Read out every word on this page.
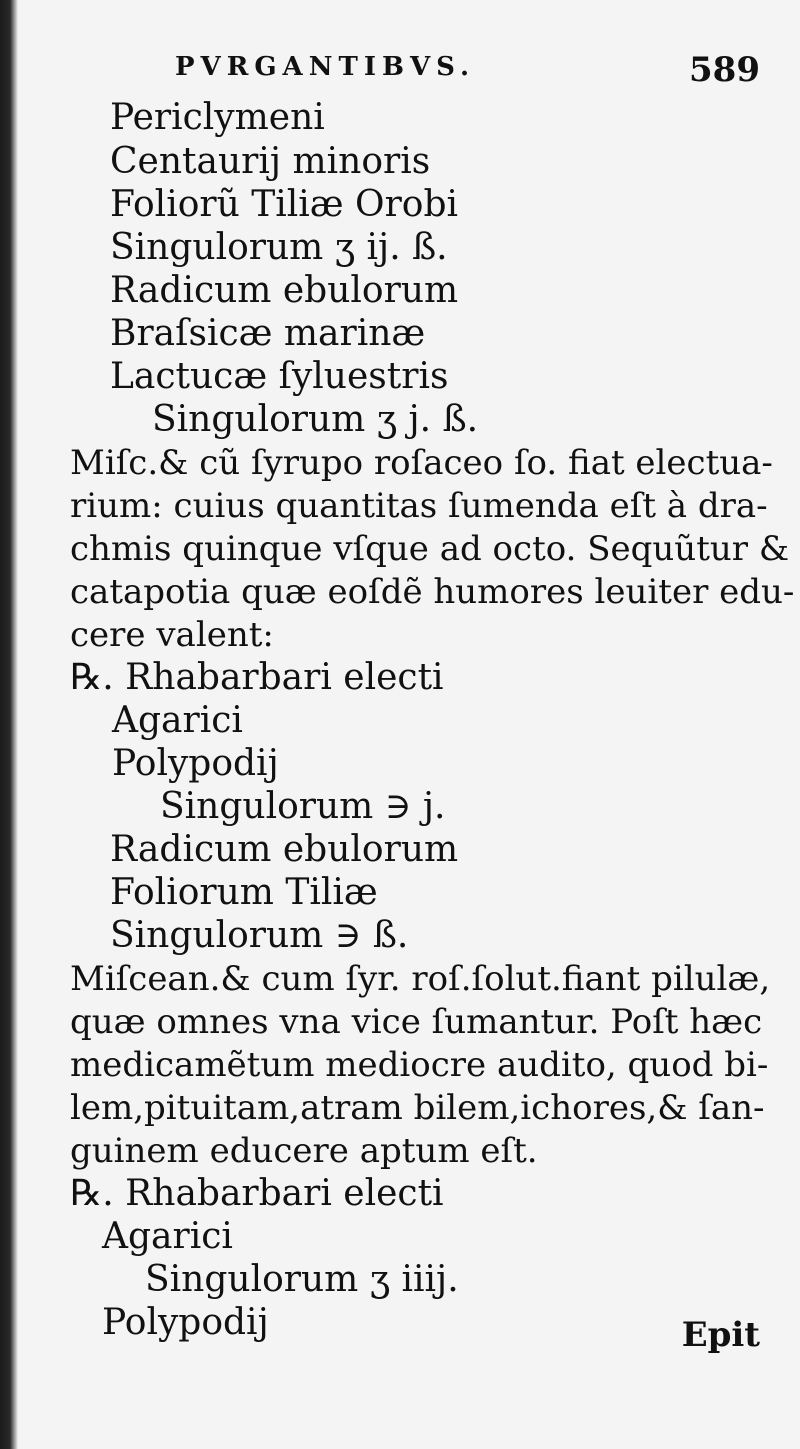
PVRGANTIBVS.	589
Periclymeni
Centaurij minoris
Foliorũ Tiliæ Orobi
Singulorum ʒ ij. ß.
Radicum ebulorum
Braſsicæ marinæ
Lactucæ ſyluestris
Singulorum ʒ j. ß.
Miſc.& cũ ſyrupo roſaceo ſo. fiat electua-
rium: cuius quantitas ſumenda eſt à dra-
chmis quinque vſque ad octo. Sequũtur &
catapotia quæ eoſdẽ humores leuiter edu-
cere valent:
℞. Rhabarbari electi
Agarici
Polypodij
Singulorum ∋ j.
Radicum ebulorum
Foliorum Tiliæ
Singulorum ∋ ß.
Miſcean.& cum ſyr. roſ.ſolut.fiant pilulæ,
quæ omnes vna vice ſumantur. Poſt hæc
medicamẽtum mediocre audito, quod bi-
lem,pituitam,atram bilem,ichores,& ſan-
guinem educere aptum eſt.
℞. Rhabarbari electi
Agarici
Singulorum ʒ iiij.
Polypodij	Epit
